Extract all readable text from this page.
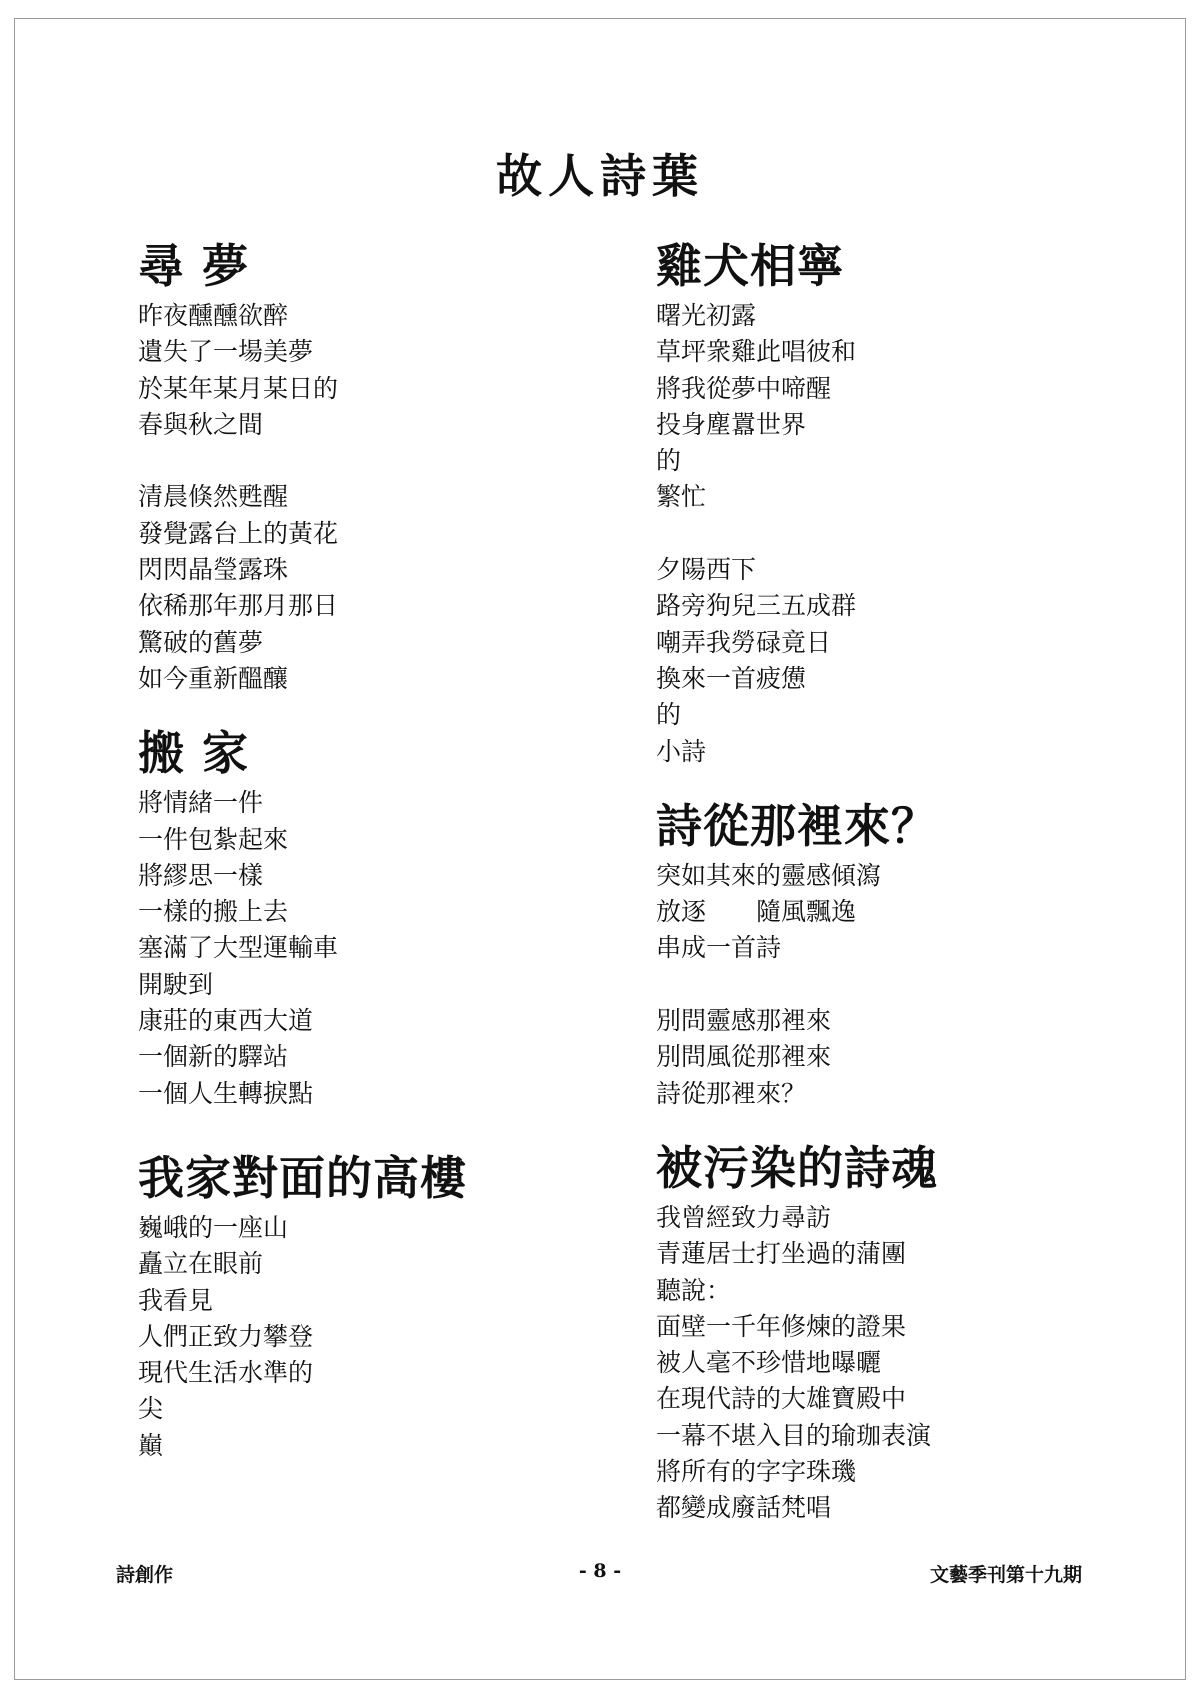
故人詩葉
尋 夢
昨夜醺醺欲醉
遺失了一場美夢
於某年某月某日的
春與秋之間
清晨倏然甦醒
發覺露台上的黃花
閃閃晶瑩露珠
依稀那年那月那日
驚破的舊夢
如今重新醞釀
搬 家
將情緒一件
一件包紮起來
將繆思一樣
一樣的搬上去
塞滿了大型運輸車
開駛到
康莊的東西大道
一個新的驛站
一個人生轉捩點
我家對面的高樓
巍峨的一座山
矗立在眼前
我看見
人們正致力攀登
現代生活水準的
尖
巔
雞犬相寧
曙光初露
草坪衆雞此唱彼和
將我從夢中啼醒
投身塵囂世界
的
繁忙
夕陽西下
路旁狗兒三五成群
嘲弄我勞碌竟日
換來一首疲憊
的
小詩
詩從那裡來？
突如其來的靈感傾瀉
放逐　　隨風飄逸
串成一首詩
別問靈感那裡來
別問風從那裡來
詩從那裡來？
被污染的詩魂
我曾經致力尋訪
青蓮居士打坐過的蒲團
聽說：
面壁一千年修煉的證果
被人毫不珍惜地曝曬
在現代詩的大雄寶殿中
一幕不堪入目的瑜珈表演
將所有的字字珠璣
都變成廢話梵唱
詩創作	- 8 -	文藝季刊第十九期
